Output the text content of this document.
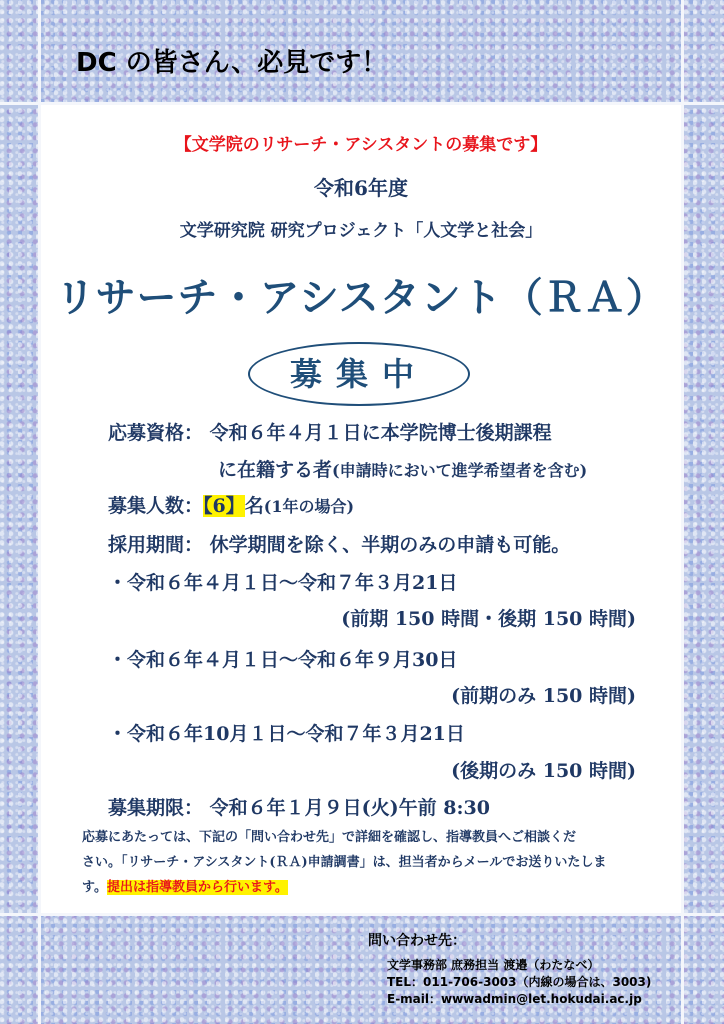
DC の皆さん、必見です！
【文学院のリサーチ・アシスタントの募集です】
令和6年度
文学研究院 研究プロジェクト「人文学と社会」
リサーチ・アシスタント（ＲＡ）
募集中
応募資格： 令和６年４月１日に本学院博士後期課程
に在籍する者(申請時において進学希望者を含む)
募集人数：【6】名(1年の場合)
採用期間： 休学期間を除く、半期のみの申請も可能。
・令和６年４月１日～令和７年３月21日
(前期 150 時間・後期 150 時間)
・令和６年４月１日～令和６年９月30日
(前期のみ 150 時間)
・令和６年10月１日～令和７年３月21日
(後期のみ 150 時間)
募集期限： 令和６年１月９日(火)午前 8:30
応募にあたっては、下記の「問い合わせ先」で詳細を確認し、指導教員へご相談くだ
さい。「リサーチ・アシスタント(ＲＡ)申請調書」は、担当者からメールでお送りいたしま
す。提出は指導教員から行います。
問い合わせ先：
文学事務部 庶務担当 渡邉（わたなべ）
TEL：011-706-3003（内線の場合は、3003)
E-mail：wwwadmin@let.hokudai.ac.jp
